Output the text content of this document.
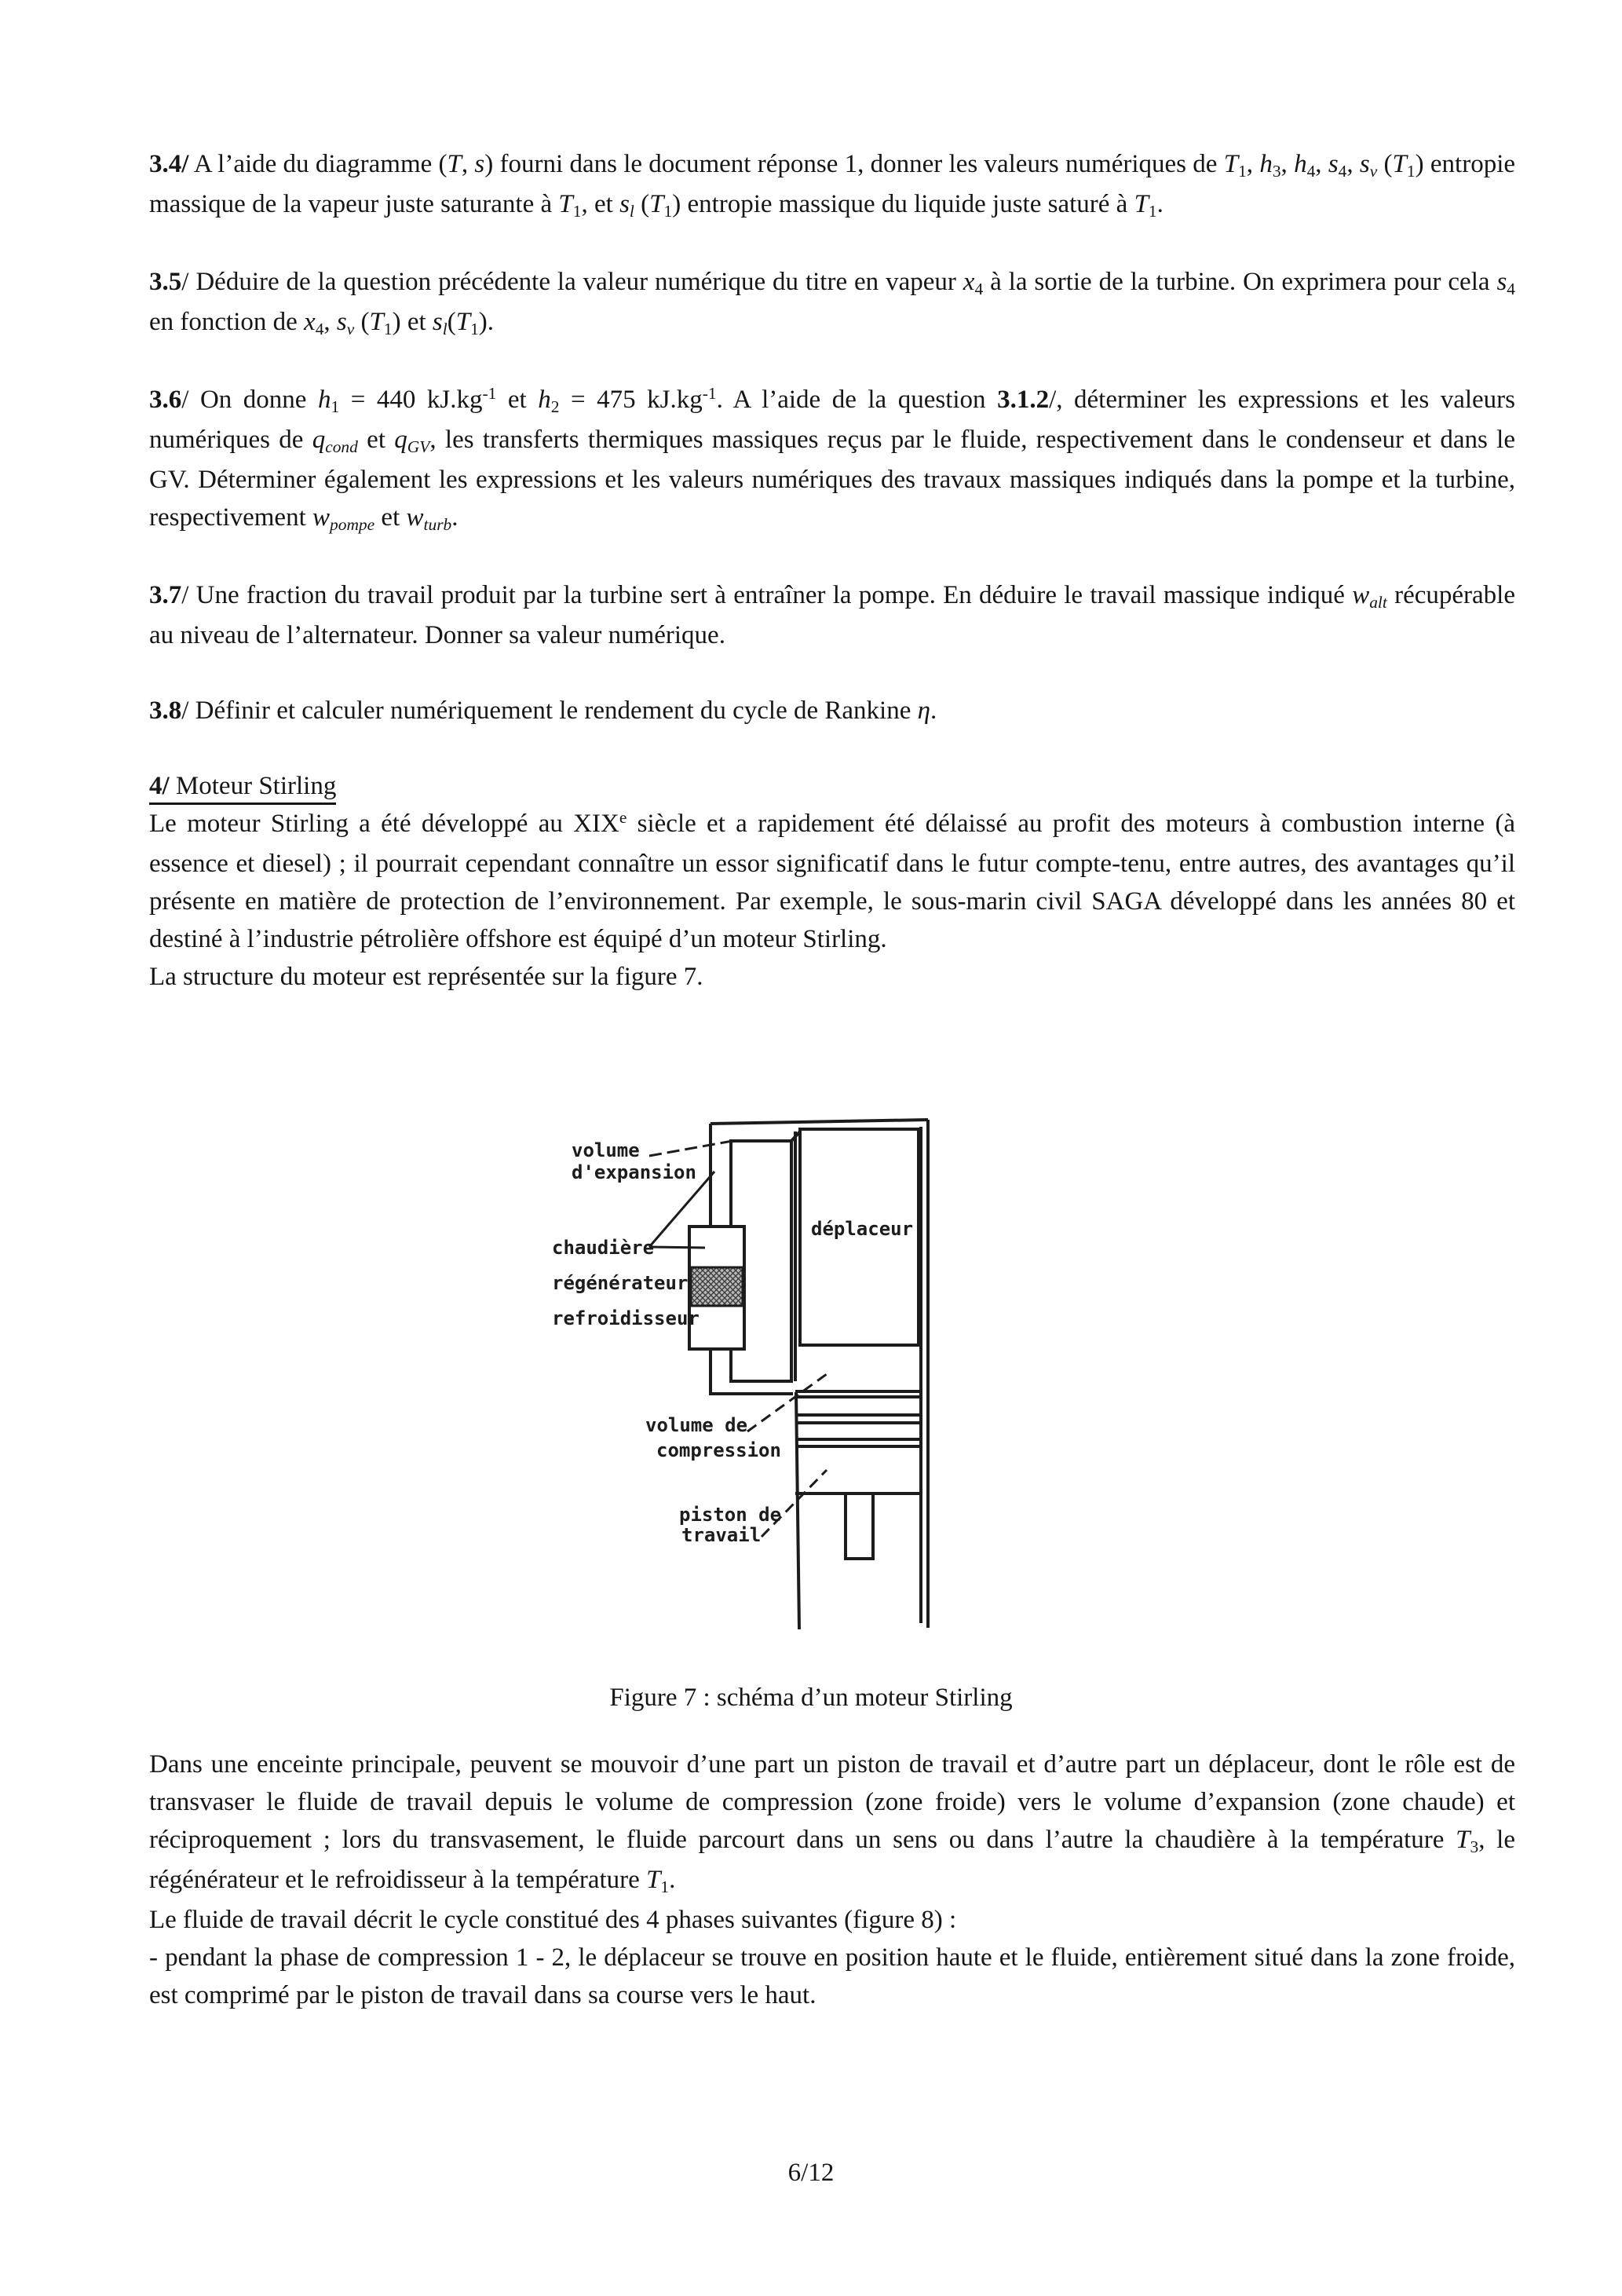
3.4/ A l’aide du diagramme (T, s) fourni dans le document réponse 1, donner les valeurs numériques de T1, h3, h4, s4, sv (T1) entropie massique de la vapeur juste saturante à T1, et sl (T1) entropie massique du liquide juste saturé à T1.

3.5/ Déduire de la question précédente la valeur numérique du titre en vapeur x4 à la sortie de la turbine. On exprimera pour cela s4 en fonction de x4, sv (T1) et sl(T1).

3.6/ On donne h1 = 440 $kJ.kg^{-1}$ et h2 = 475 $kJ.kg^{-1}$. A l’aide de la question 3.1.2/, déterminer les expressions et les valeurs numériques de qcond et qGV, les transferts thermiques massiques reçus par le fluide, respectivement dans le condenseur et dans le GV. Déterminer également les expressions et les valeurs numériques des travaux massiques indiqués dans la pompe et la turbine, respectivement wpompe et wturb.

3.7/ Une fraction du travail produit par la turbine sert à entraîner la pompe. En déduire le travail massique indiqué walt récupérable au niveau de l’alternateur. Donner sa valeur numérique.

3.8/ Définir et calculer numériquement le rendement du cycle de Rankine η.

4/ Moteur Stirling

Le moteur Stirling a été développé au XIXe siècle et a rapidement été délaissé au profit des moteurs à combustion interne (à essence et diesel) ; il pourrait cependant connaître un essor significatif dans le futur compte-tenu, entre autres, des avantages qu’il présente en matière de protection de l’environnement. Par exemple, le sous-marin civil SAGA développé dans les années 80 et destiné à l’industrie pétrolière offshore est équipé d’un moteur Stirling.

La structure du moteur est représentée sur la figure 7.

volume
d'expansion
chaudière
régénérateur
refroidisseur
déplaceur
volume de
compression
piston de
travail
Figure 7 : schéma d’un moteur Stirling

Dans une enceinte principale, peuvent se mouvoir d’une part un piston de travail et d’autre part un déplaceur, dont le rôle est de transvaser le fluide de travail depuis le volume de compression (zone froide) vers le volume d’expansion (zone chaude) et réciproquement ; lors du transvasement, le fluide parcourt dans un sens ou dans l’autre la chaudière à la température T3, le régénérateur et le refroidisseur à la température T1.

Le fluide de travail décrit le cycle constitué des 4 phases suivantes (figure 8) :

- pendant la phase de compression 1 - 2, le déplaceur se trouve en position haute et le fluide, entièrement situé dans la zone froide, est comprimé par le piston de travail dans sa course vers le haut.

6/12
